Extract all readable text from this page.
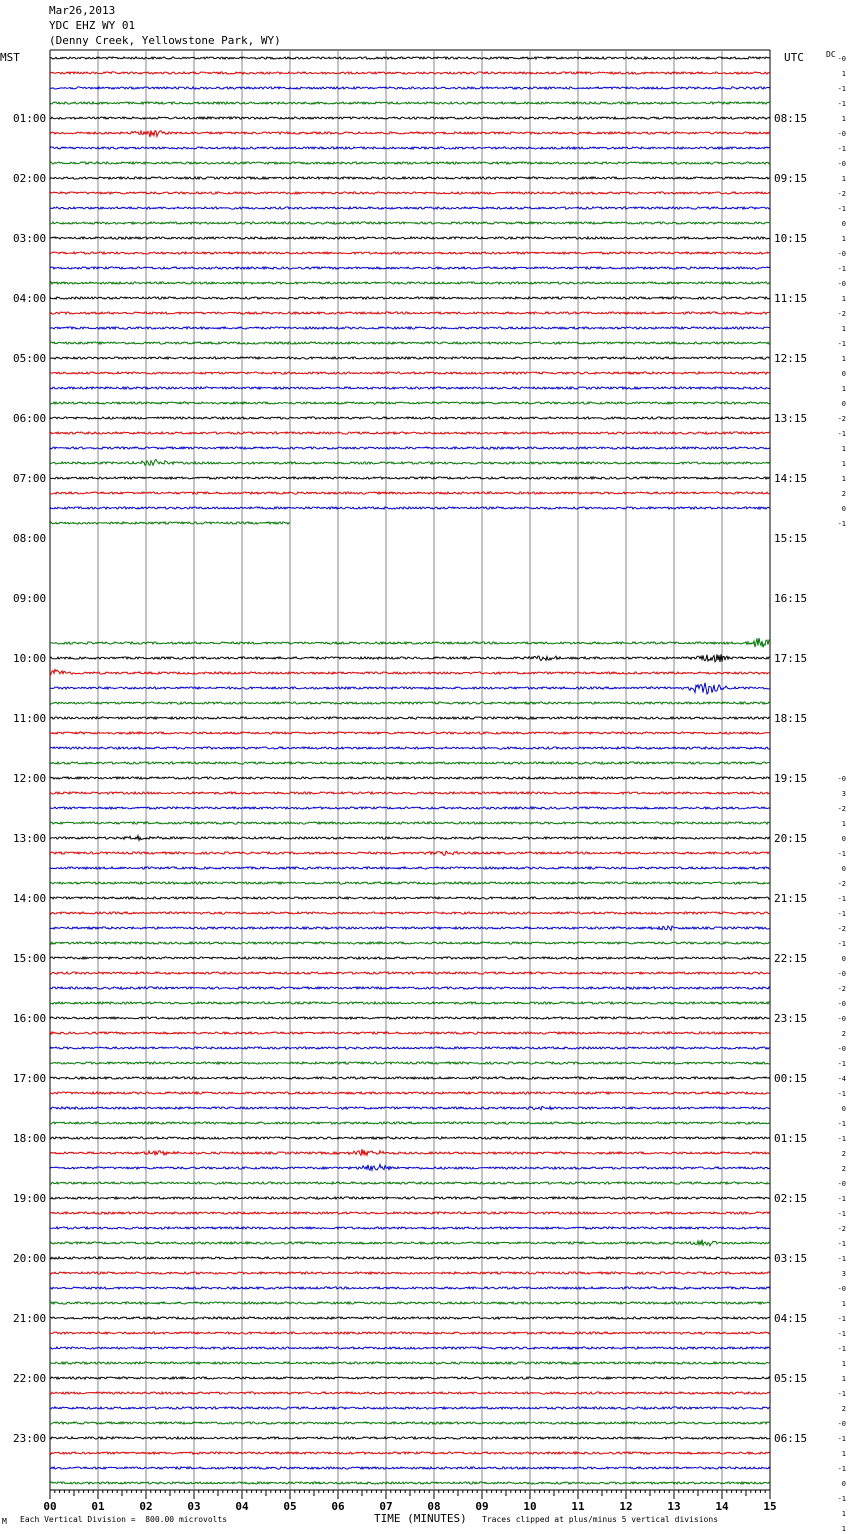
Mar26,2013
YDC EHZ WY 01
(Denny Creek, Yellowstone Park, WY)
00	01	02	03	04	05	06	07	08	09	10	11	12	13	14	15
MST	UTC	DC
01:00
02:00
03:00
04:00
05:00
06:00
07:00
08:00
09:00
10:00
11:00
12:00
13:00
14:00
15:00
16:00
17:00
18:00
19:00
20:00
21:00
22:00
23:00
08:15
09:15
10:15
11:15
12:15
13:15
14:15
15:15
16:15
17:15
18:15
19:15
20:15
21:15
22:15
23:15
00:15
01:15
02:15
03:15
04:15
05:15
06:15
-0
1
-1
-1
1
-0
-1
-0
1
-2
-1
0
1
-0
-1
-0
1
-2
1
-1
1
0
1
0
-2
-1
1
1
1
2
0
-1
-0
3
-2
1
0
-1
0
-2
-1
-1
-2
-1
0
-0
-2
-0
-0
2
-0
-1
-4
-1
0
-1
-1
2
2
-0
-1
-1
-2
-1
-1
3
-0
1
-1
-1
-1
1
1
-1
2
-0
-1
1
-1
0
-1
1
1
M Each Vertical Division =  800.00 microvolts	TIME (MINUTES) Traces clipped at plus/minus 5 vertical divisions
